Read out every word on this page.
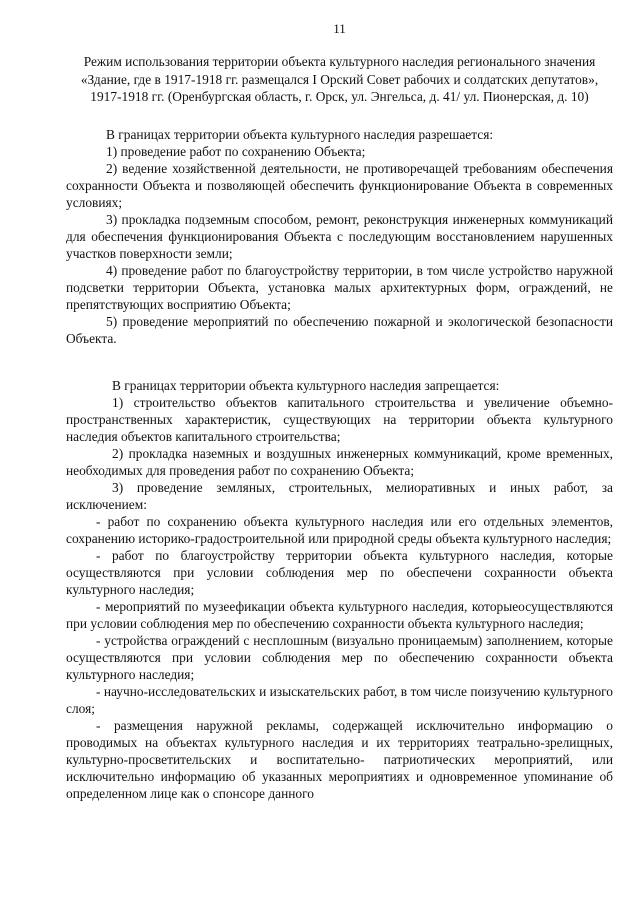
11
Режим использования территории объекта культурного наследия регионального значения «Здание, где в 1917-1918 гг. размещался I Орский Совет рабочих и солдатских депутатов», 1917-1918 гг. (Оренбургская область, г. Орск, ул. Энгельса, д. 41/ ул. Пионерская, д. 10)

В границах территории объекта культурного наследия разрешается:

1) проведение работ по сохранению Объекта;

2) ведение хозяйственной деятельности, не противоречащей требованиям обеспечения сохранности Объекта и позволяющей обеспечить функционирование Объекта в современных условиях;

3) прокладка подземным способом, ремонт, реконструкция инженерных коммуникаций для обеспечения функционирования Объекта с последующим восстановлением нарушенных участков поверхности земли;

4) проведение работ по благоустройству территории, в том числе устройство наружной подсветки территории Объекта, установка малых архитектурных форм, ограждений, не препятствующих восприятию Объекта;

5) проведение мероприятий по обеспечению пожарной и экологической безопасности Объекта.

В границах территории объекта культурного наследия запрещается:

1) строительство объектов капитального строительства и увеличение объемно-пространственных характеристик, существующих на территории объекта культурного наследия объектов капитального строительства;

2) прокладка наземных и воздушных инженерных коммуникаций, кроме временных, необходимых для проведения работ по сохранению Объекта;

3) проведение земляных, строительных, мелиоративных и иных работ, за исключением:

- работ по сохранению объекта культурного наследия или его отдельных элементов, сохранению историко-градостроительной или природной среды объекта культурного наследия;

- работ по благоустройству территории объекта культурного наследия, которые осуществляются при условии соблюдения мер по обеспечени сохранности объекта культурного наследия;

- мероприятий по музеефикации объекта культурного наследия, которыеосуществляются при условии соблюдения мер по обеспечению сохранности объекта культурного наследия;

- устройства ограждений с несплошным (визуально проницаемым) заполнением, которые осуществляются при условии соблюдения мер по обеспечению сохранности объекта культурного наследия;

- научно-исследовательских и изыскательских работ, в том числе поизучению культурного слоя;

- размещения наружной рекламы, содержащей исключительно информацию о проводимых на объектах культурного наследия и их территориях театрально-зрелищных, культурно-просветительских и воспитательно- патриотических мероприятий, или исключительно информацию об указанных мероприятиях и одновременное упоминание об определенном лице как о спонсоре данного
